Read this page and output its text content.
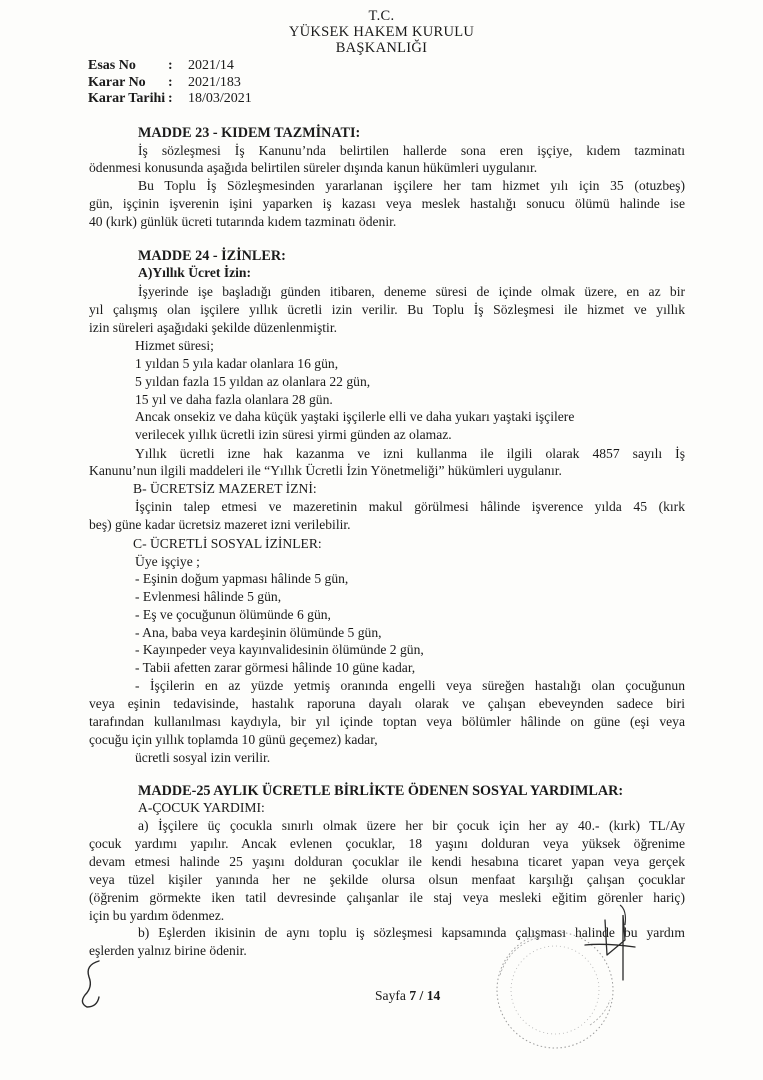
T.C.
YÜKSEK HAKEM KURULU
BAŞKANLIĞI
Esas No	:	2021/14
Karar No	:	2021/183
Karar Tarihi :	18/03/2021
MADDE 23 - KIDEM TAZMİNATI:
İş sözleşmesi İş Kanunu’nda belirtilen hallerde sona eren işçiye, kıdem tazminatı
ödenmesi konusunda aşağıda belirtilen süreler dışında kanun hükümleri uygulanır.
Bu Toplu İş Sözleşmesinden yararlanan işçilere her tam hizmet yılı için 35 (otuzbeş)
gün, işçinin işverenin işini yaparken iş kazası veya meslek hastalığı sonucu ölümü halinde ise
40 (kırk) günlük ücreti tutarında kıdem tazminatı ödenir.
MADDE 24 - İZİNLER:
A)Yıllık Ücret İzin:
İşyerinde işe başladığı günden itibaren, deneme süresi de içinde olmak üzere, en az bir
yıl çalışmış olan işçilere yıllık ücretli izin verilir. Bu Toplu İş Sözleşmesi ile hizmet ve yıllık
izin süreleri aşağıdaki şekilde düzenlenmiştir.
Hizmet süresi;
1 yıldan 5 yıla kadar olanlara 16 gün,
5 yıldan fazla 15 yıldan az olanlara 22 gün,
15 yıl ve daha fazla olanlara 28 gün.
Ancak onsekiz ve daha küçük yaştaki işçilerle elli ve daha yukarı yaştaki işçilere
verilecek yıllık ücretli izin süresi yirmi günden az olamaz.
Yıllık ücretli izne hak kazanma ve izni kullanma ile ilgili olarak 4857 sayılı İş
Kanunu’nun ilgili maddeleri ile “Yıllık Ücretli İzin Yönetmeliği” hükümleri uygulanır.
B- ÜCRETSİZ MAZERET İZNİ:
İşçinin talep etmesi ve mazeretinin makul görülmesi hâlinde işverence yılda 45 (kırk
beş) güne kadar ücretsiz mazeret izni verilebilir.
C- ÜCRETLİ SOSYAL İZİNLER:
Üye işçiye ;
- Eşinin doğum yapması hâlinde 5 gün,
- Evlenmesi hâlinde 5 gün,
- Eş ve çocuğunun ölümünde 6 gün,
- Ana, baba veya kardeşinin ölümünde 5 gün,
- Kayınpeder veya kayınvalidesinin ölümünde 2 gün,
- Tabii afetten zarar görmesi hâlinde 10 güne kadar,
- İşçilerin en az yüzde yetmiş oranında engelli veya süreğen hastalığı olan çocuğunun
veya eşinin tedavisinde, hastalık raporuna dayalı olarak ve çalışan ebeveynden sadece biri
tarafından kullanılması kaydıyla, bir yıl içinde toptan veya bölümler hâlinde on güne (eşi veya
çocuğu için yıllık toplamda 10 günü geçemez) kadar,
ücretli sosyal izin verilir.
MADDE-25 AYLIK ÜCRETLE BİRLİKTE ÖDENEN SOSYAL YARDIMLAR:
A-ÇOCUK YARDIMI:
a) İşçilere üç çocukla sınırlı olmak üzere her bir çocuk için her ay 40.- (kırk) TL/Ay
çocuk yardımı yapılır. Ancak evlenen çocuklar, 18 yaşını dolduran veya yüksek öğrenime
devam etmesi halinde 25 yaşını dolduran çocuklar ile kendi hesabına ticaret yapan veya gerçek
veya tüzel kişiler yanında her ne şekilde olursa olsun menfaat karşılığı çalışan çocuklar
(öğrenim görmekte iken tatil devresinde çalışanlar ile staj veya mesleki eğitim görenler hariç)
için bu yardım ödenmez.
b) Eşlerden ikisinin de aynı toplu iş sözleşmesi kapsamında çalışması halinde bu yardım
eşlerden yalnız birine ödenir.
Sayfa 7 / 14
